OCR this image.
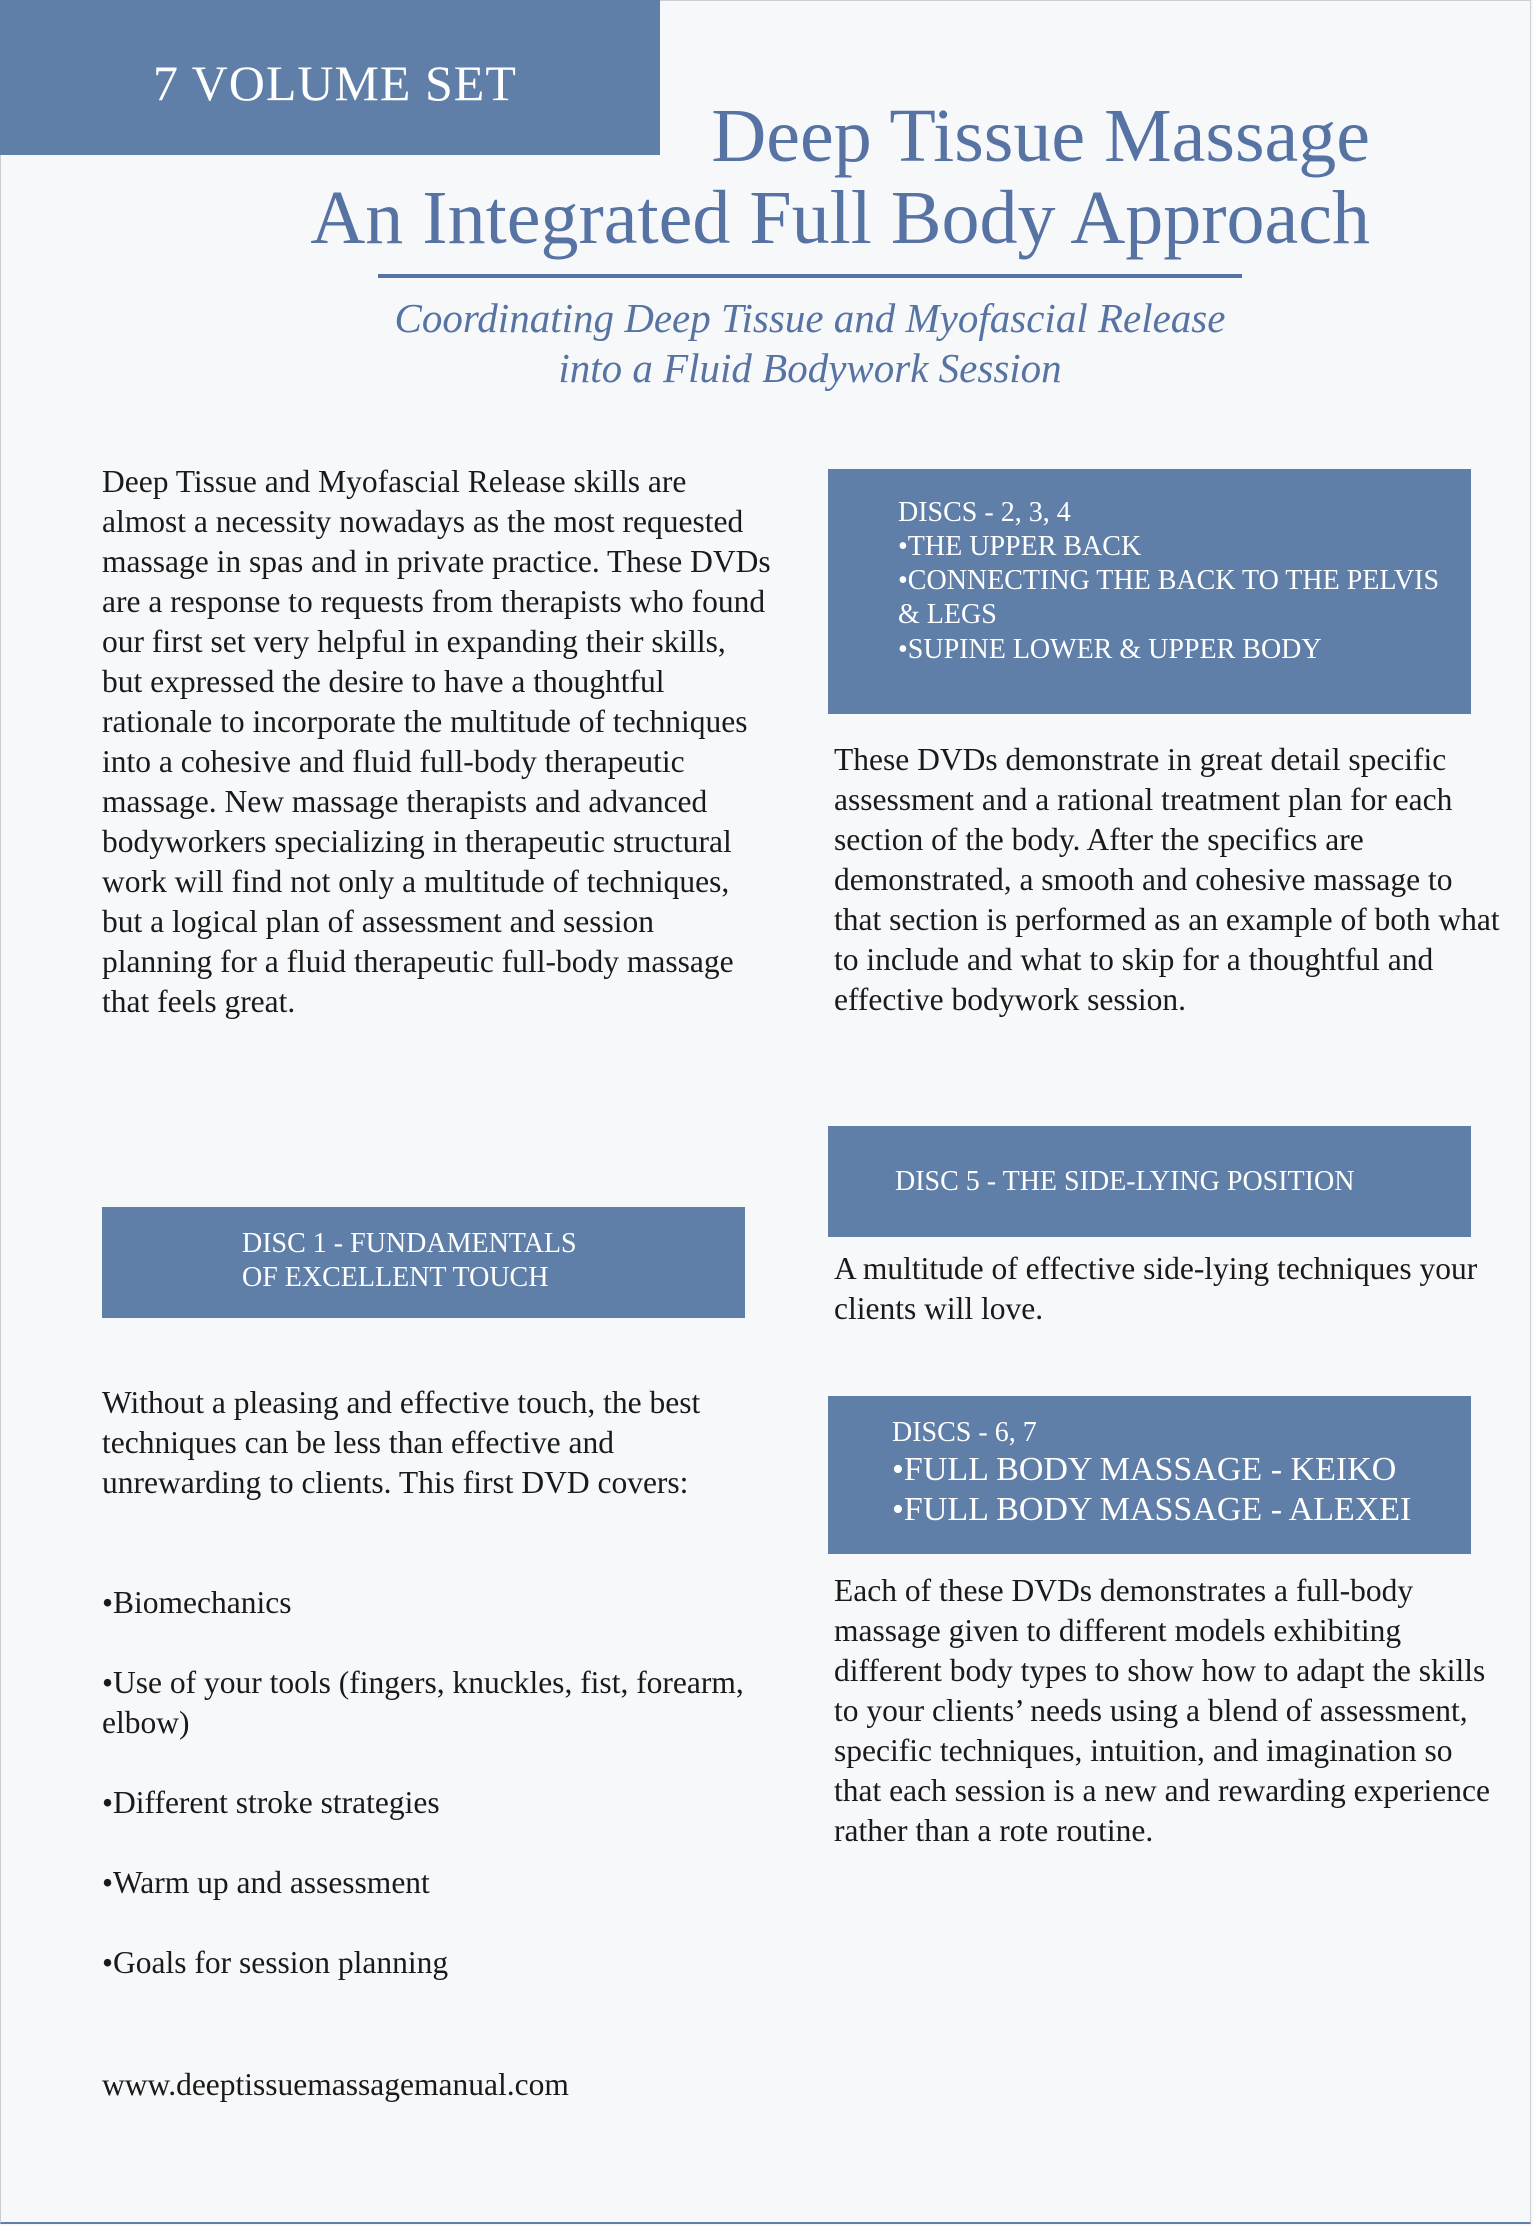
7 VOLUME SET
Deep Tissue Massage
An Integrated Full Body Approach
Coordinating Deep Tissue and Myofascial Release
into a Fluid Bodywork Session
Deep Tissue and Myofascial Release skills are almost a necessity nowadays as the most requested massage in spas and in private practice. These DVDs are a response to requests from therapists who found our first set very helpful in expanding their skills, but expressed the desire to have a thoughtful rationale to incorporate the multitude of techniques into a cohesive and fluid full-body therapeutic massage. New massage therapists and advanced bodyworkers specializing in therapeutic structural work will find not only a multitude of techniques, but a logical plan of assessment and session planning for a fluid therapeutic full-body massage that feels great.
DISC 1 - FUNDAMENTALS
OF EXCELLENT TOUCH

Without a pleasing and effective touch, the best techniques can be less than effective and unrewarding to clients. This first DVD covers:

•Biomechanics

•Use of your tools (fingers, knuckles, fist, forearm, elbow)

•Different stroke strategies

•Warm up and assessment

•Goals for session planning

DISCS - 2, 3, 4
•THE UPPER BACK
•CONNECTING THE BACK TO THE PELVIS & LEGS
•SUPINE LOWER & UPPER BODY
These DVDs demonstrate in great detail specific assessment and a rational treatment plan for each section of the body. After the specifics are demonstrated, a smooth and cohesive massage to that section is performed as an example of both what to include and what to skip for a thoughtful and effective bodywork session.
DISC 5 - THE SIDE-LYING POSITION
A multitude of effective side-lying techniques your clients will love.
DISCS - 6, 7
•FULL BODY MASSAGE - KEIKO
•FULL BODY MASSAGE - ALEXEI
Each of these DVDs demonstrates a full-body massage given to different models exhibiting different body types to show how to adapt the skills to your clients’ needs using a blend of assessment, specific techniques, intuition, and imagination so that each session is a new and rewarding experience rather than a rote routine.
www.deeptissuemassagemanual.com
